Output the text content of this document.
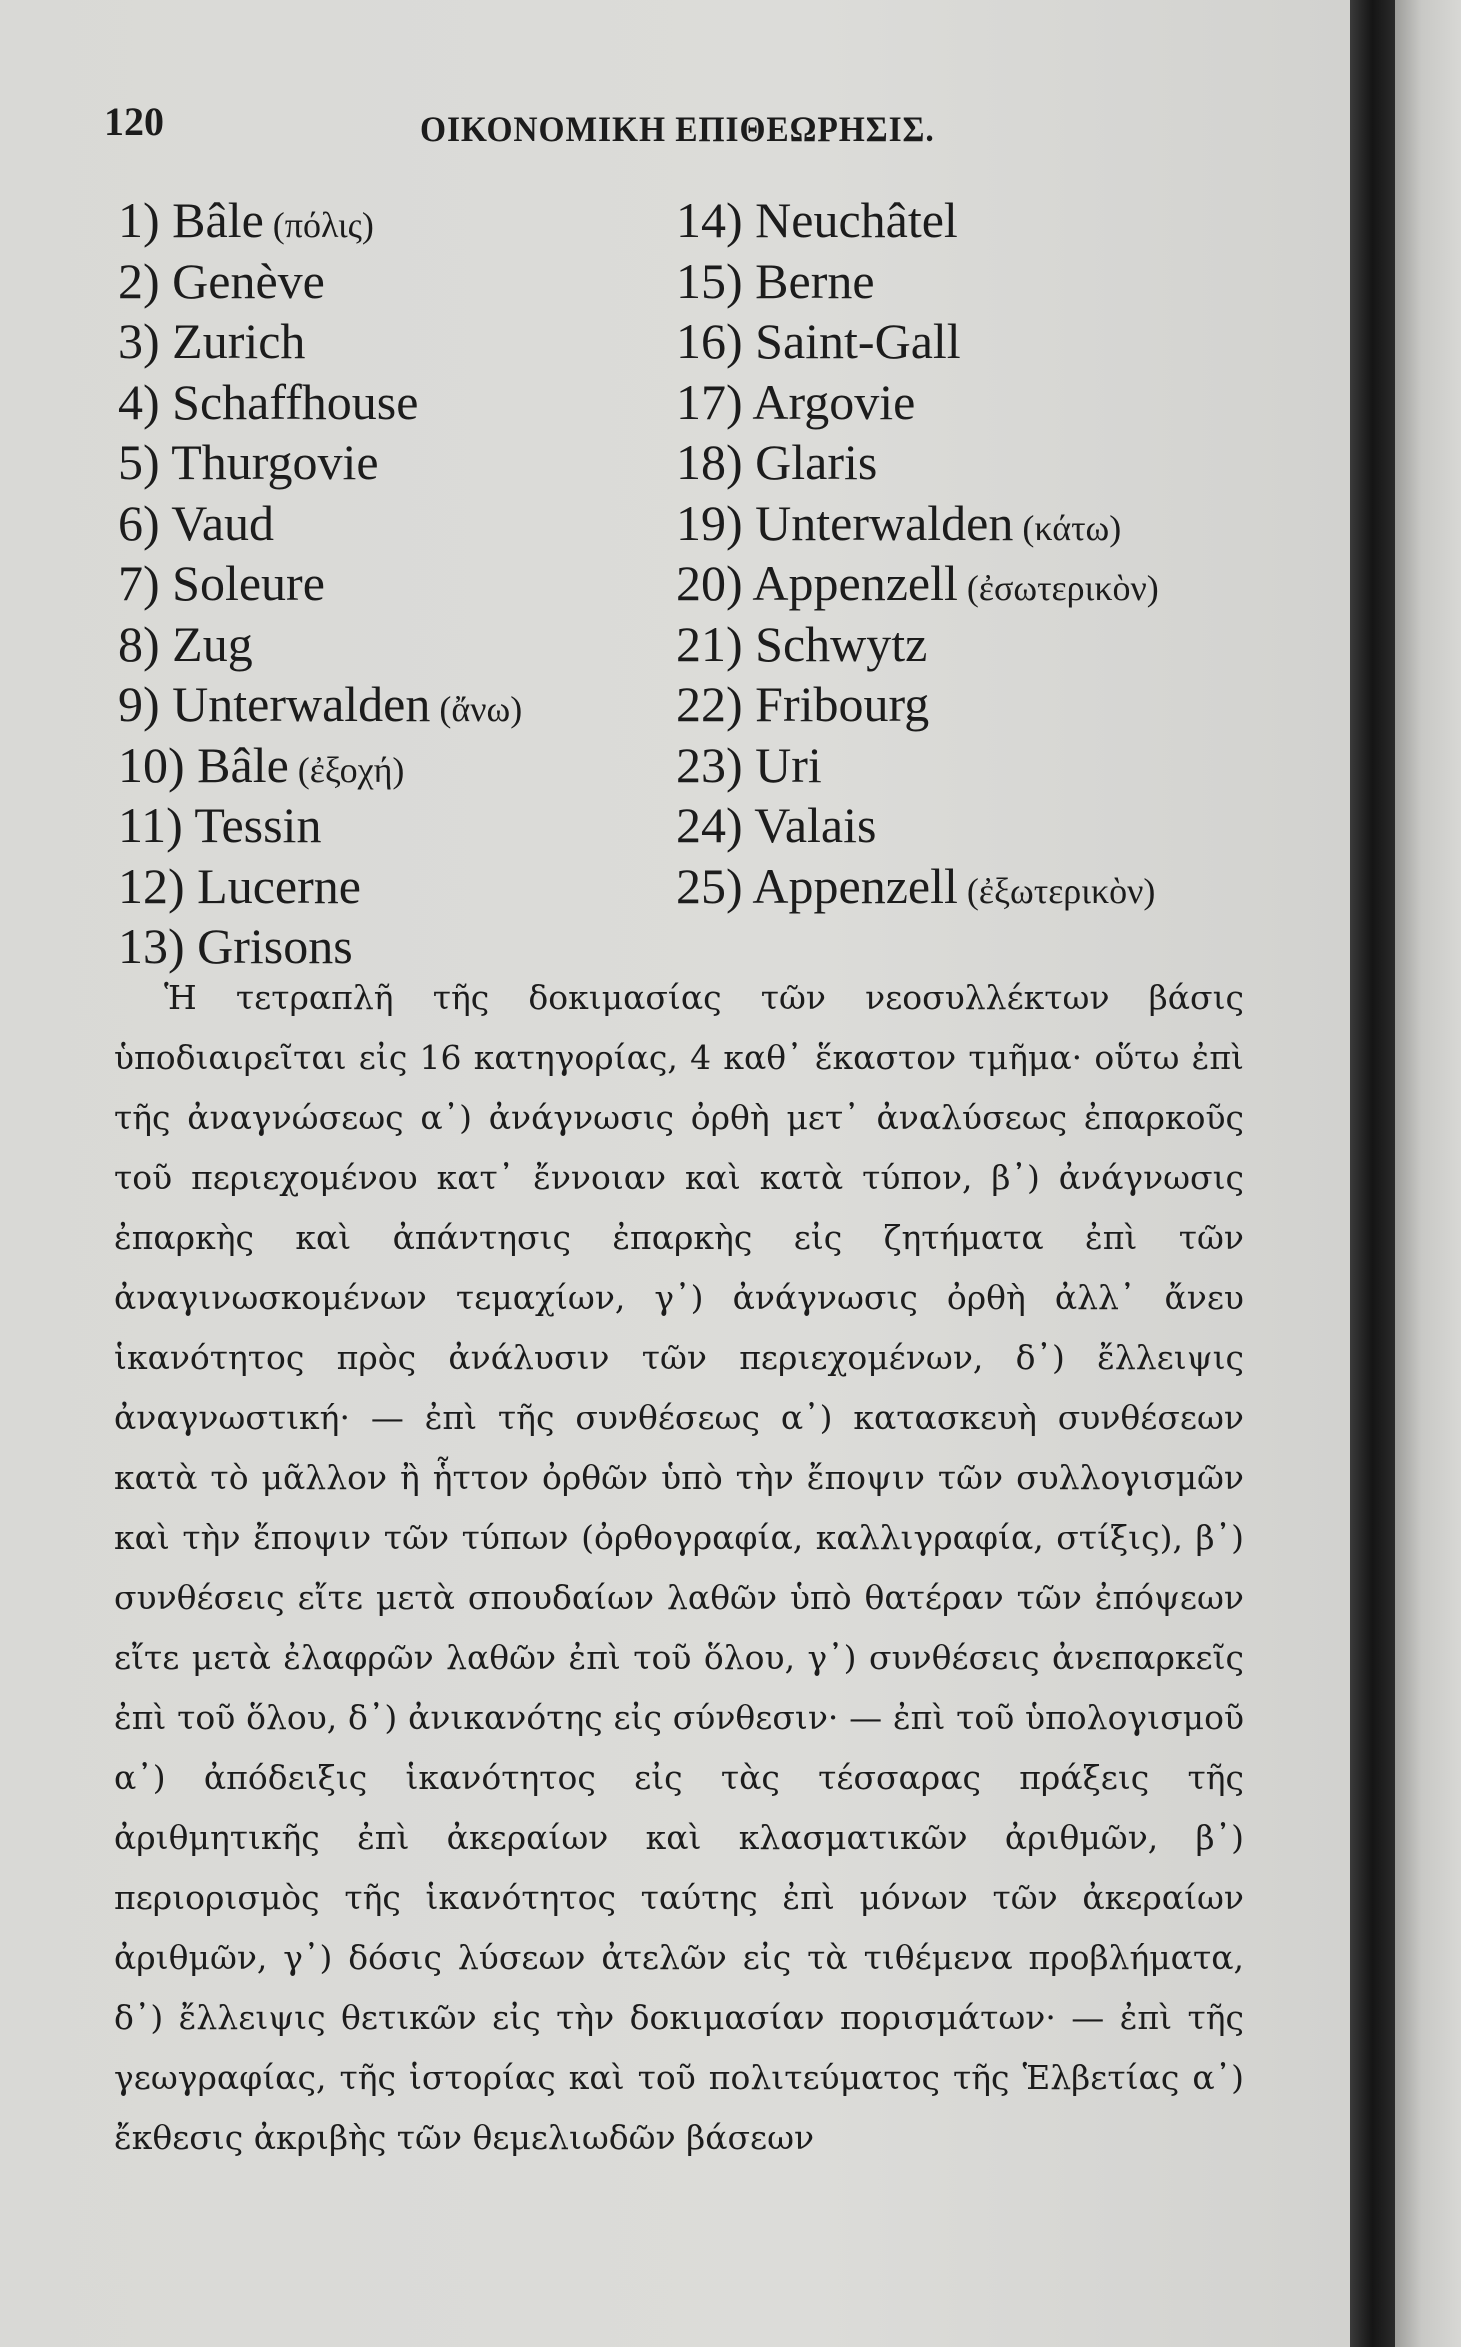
120	ΟΙΚΟΝΟΜΙΚΗ ΕΠΙΘΕΩΡΗΣΙΣ.
1) Bâle (πόλις)
2) Genève
3) Zurich
4) Schaffhouse
5) Thurgovie
6) Vaud
7) Soleure
8) Zug
9) Unterwalden (ἄνω)
10) Bâle (ἐξοχή)
11) Tessin
12) Lucerne
13) Grisons
14) Neuchâtel
15) Berne
16) Saint-Gall
17) Argovie
18) Glaris
19) Unterwalden (κάτω)
20) Appenzell (ἐσωτερικὸν)
21) Schwytz
22) Fribourg
23) Uri
24) Valais
25) Appenzell (ἐξωτερικὸν)

Ἡ τετραπλῆ τῆς δοκιμασίας τῶν νεοσυλλέκτων βάσις ὑποδιαιρεῖται εἰς 16 κατηγορίας, 4 καθ᾿ ἕκαστον τμῆμα· οὕτω ἐπὶ τῆς ἀναγνώσεως α᾿) ἀνάγνωσις ὀρθὴ μετ᾿ ἀναλύσεως ἐπαρκοῦς τοῦ περιεχομένου κατ᾿ ἔννοιαν καὶ κατὰ τύπον, β᾿) ἀνάγνωσις ἐπαρκὴς καὶ ἀπάντησις ἐπαρκὴς εἰς ζητήματα ἐπὶ τῶν ἀναγινωσκομένων τεμαχίων, γ᾿) ἀνάγνωσις ὀρθὴ ἀλλ᾿ ἄνευ ἱκανότητος πρὸς ἀνάλυσιν τῶν περιεχομένων, δ᾿) ἔλλειψις ἀναγνωστική· — ἐπὶ τῆς συνθέσεως α᾿) κατασκευὴ συνθέσεων κατὰ τὸ μᾶλλον ἢ ἧττον ὀρθῶν ὑπὸ τὴν ἔποψιν τῶν συλλογισμῶν καὶ τὴν ἔποψιν τῶν τύπων (ὀρθογραφία, καλλιγραφία, στίξις), β᾿) συνθέσεις εἴτε μετὰ σπουδαίων λαθῶν ὑπὸ θατέραν τῶν ἐπόψεων εἴτε μετὰ ἐλαφρῶν λαθῶν ἐπὶ τοῦ ὅλου, γ᾿) συνθέσεις ἀνεπαρκεῖς ἐπὶ τοῦ ὅλου, δ᾿) ἀνικανότης εἰς σύνθεσιν· — ἐπὶ τοῦ ὑπολογισμοῦ α᾿) ἀπόδειξις ἱκανότητος εἰς τὰς τέσσαρας πράξεις τῆς ἀριθμητικῆς ἐπὶ ἀκεραίων καὶ κλασματικῶν ἀριθμῶν, β᾿) περιορισμὸς τῆς ἱκανότητος ταύτης ἐπὶ μόνων τῶν ἀκεραίων ἀριθμῶν, γ᾿) δόσις λύσεων ἀτελῶν εἰς τὰ τιθέμενα προβλήματα, δ᾿) ἔλλειψις θετικῶν εἰς τὴν δοκιμασίαν πορισμάτων· — ἐπὶ τῆς γεωγραφίας, τῆς ἱστορίας καὶ τοῦ πολιτεύματος τῆς Ἑλβετίας α᾿) ἔκθεσις ἀκριβὴς τῶν θεμελιωδῶν βάσεων
